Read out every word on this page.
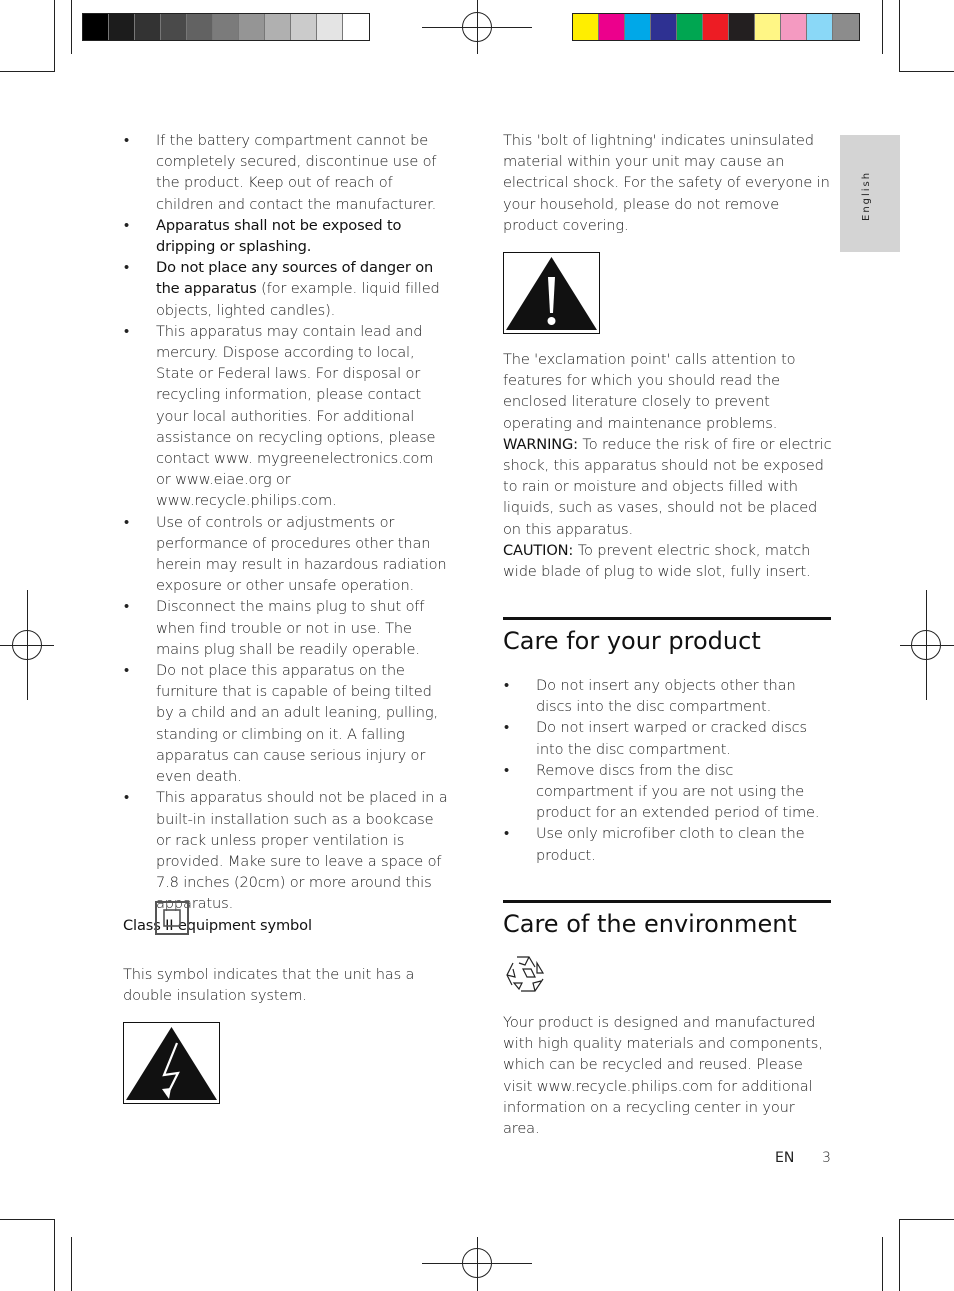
English
• If the battery compartment cannot be completely secured, discontinue use of the product. Keep out of reach of children and contact the manufacturer.
• Apparatus shall not be exposed to dripping or splashing.
• Do not place any sources of danger on the apparatus (for example. liquid filled objects, lighted candles).
• This apparatus may contain lead and mercury. Dispose according to local, State or Federal laws. For disposal or recycling information, please contact your local authorities. For additional assistance on recycling options, please contact www. mygreenelectronics.com or www.eiae.org or www.recycle.philips.com.
• Use of controls or adjustments or performance of procedures other than herein may result in hazardous radiation exposure or other unsafe operation.
• Disconnect the mains plug to shut off when find trouble or not in use. The mains plug shall be readily operable.
• Do not place this apparatus on the furniture that is capable of being tilted by a child and an adult leaning, pulling, standing or climbing on it. A falling apparatus can cause serious injury or even death.
• This apparatus should not be placed in a built-in installation such as a bookcase or rack unless proper ventilation is provided. Make sure to leave a space of 7.8 inches (20cm) or more around this apparatus.

Class II equipment symbol

This symbol indicates that the unit has a double insulation system.

This 'bolt of lightning' indicates uninsulated material within your unit may cause an electrical shock. For the safety of everyone in your household, please do not remove product covering.

The 'exclamation point' calls attention to features for which you should read the enclosed literature closely to prevent operating and maintenance problems.

WARNING: To reduce the risk of fire or electric shock, this apparatus should not be exposed to rain or moisture and objects filled with liquids, such as vases, should not be placed on this apparatus.

CAUTION: To prevent electric shock, match wide blade of plug to wide slot, fully insert.

Care for your product
• Do not insert any objects other than discs into the disc compartment.
• Do not insert warped or cracked discs into the disc compartment.
• Remove discs from the disc compartment if you are not using the product for an extended period of time.
• Use only microfiber cloth to clean the product.
Care of the environment

Your product is designed and manufactured with high quality materials and components, which can be recycled and reused. Please visit www.recycle.philips.com for additional information on a recycling center in your area.

EN 3
